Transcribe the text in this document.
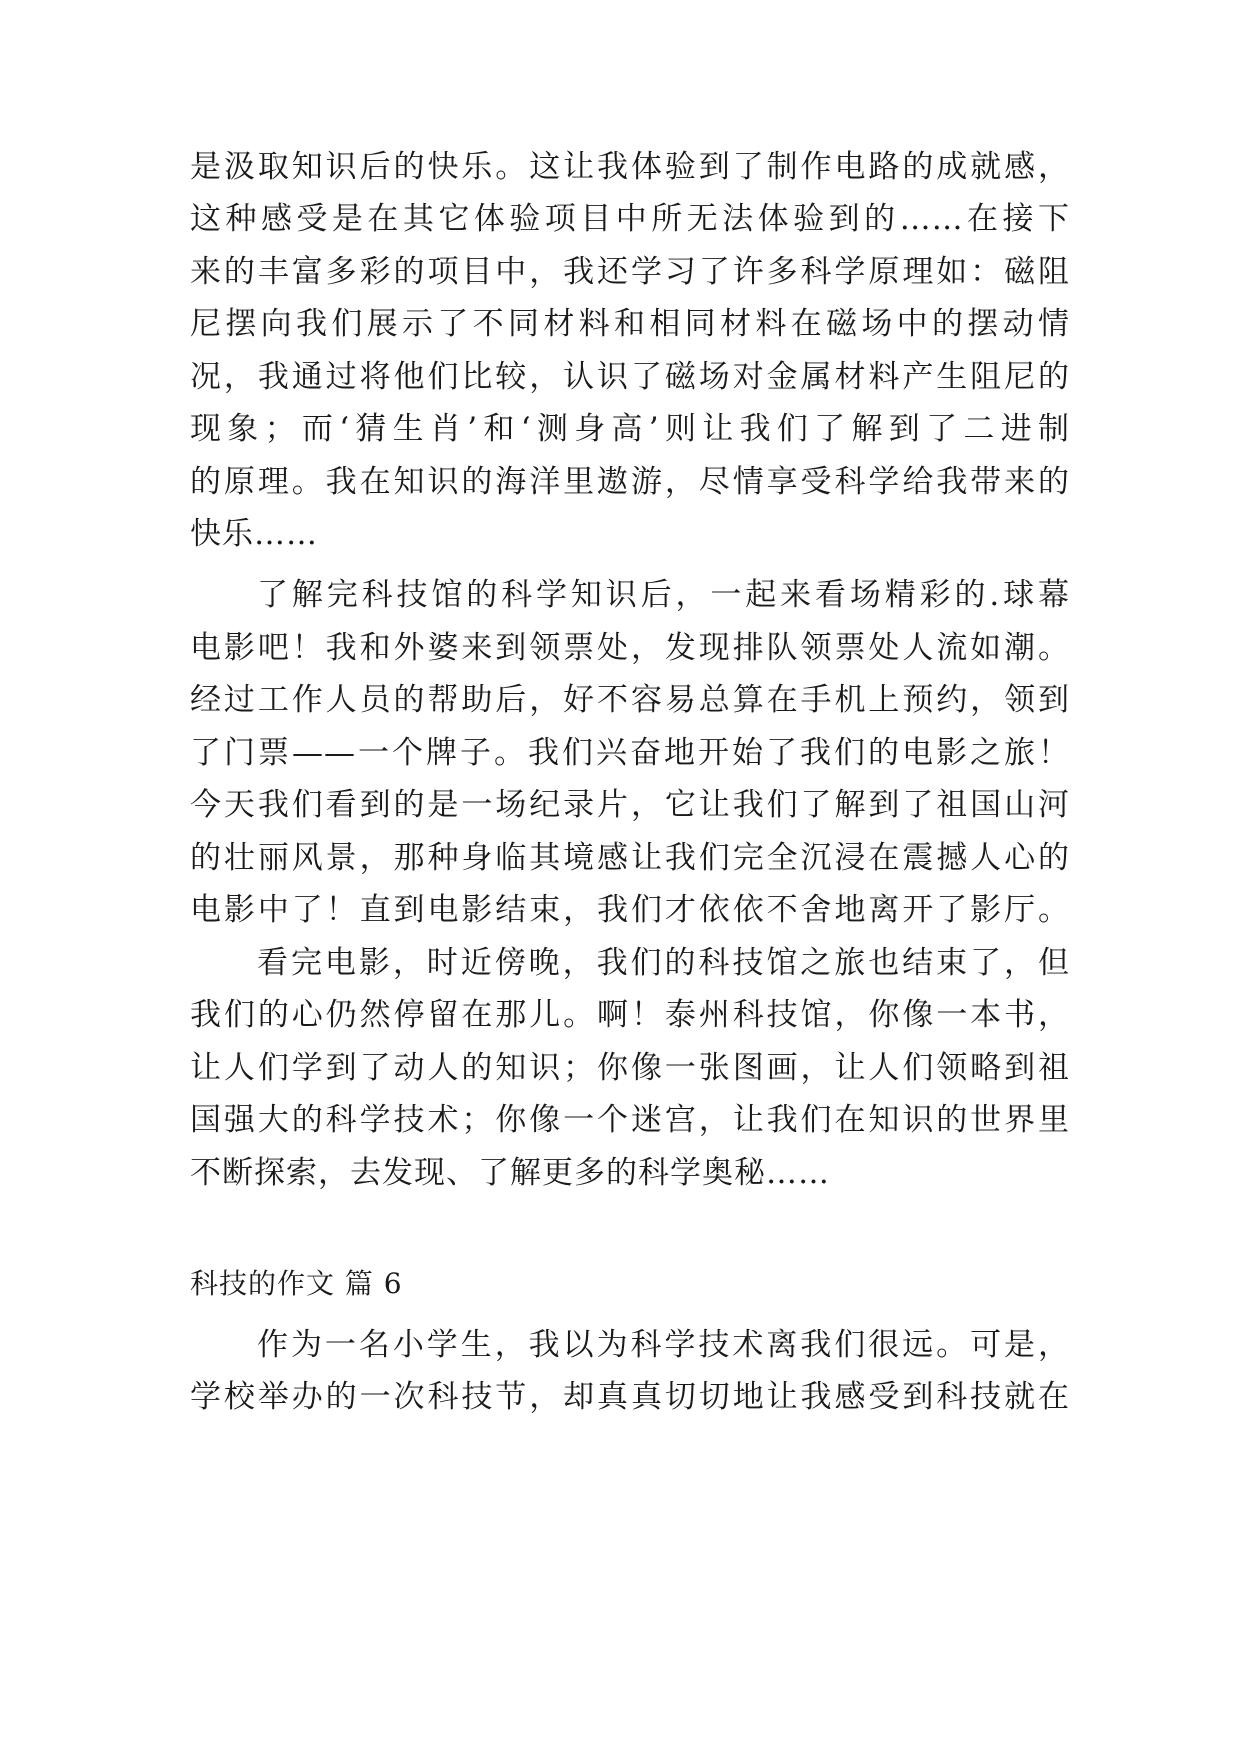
是汲取知识后的快乐。这让我体验到了制作电路的成就感，
这种感受是在其它体验项目中所无法体验到的……在接下
来的丰富多彩的项目中，我还学习了许多科学原理如：磁阻
尼摆向我们展示了不同材料和相同材料在磁场中的摆动情
况，我通过将他们比较，认识了磁场对金属材料产生阻尼的
现象；而‘猜生肖’和‘测身高’则让我们了解到了二进制
的原理。我在知识的海洋里遨游，尽情享受科学给我带来的
快乐……
了解完科技馆的科学知识后，一起来看场精彩的.球幕
电影吧！我和外婆来到领票处，发现排队领票处人流如潮。
经过工作人员的帮助后，好不容易总算在手机上预约，领到
了门票——一个牌子。我们兴奋地开始了我们的电影之旅！
今天我们看到的是一场纪录片，它让我们了解到了祖国山河
的壮丽风景，那种身临其境感让我们完全沉浸在震撼人心的
电影中了！直到电影结束，我们才依依不舍地离开了影厅。
看完电影，时近傍晚，我们的科技馆之旅也结束了，但
我们的心仍然停留在那儿。啊！泰州科技馆，你像一本书，
让人们学到了动人的知识；你像一张图画，让人们领略到祖
国强大的科学技术；你像一个迷宫，让我们在知识的世界里
不断探索，去发现、了解更多的科学奥秘……
科技的作文 篇 6
作为一名小学生，我以为科学技术离我们很远。可是，
学校举办的一次科技节，却真真切切地让我感受到科技就在
